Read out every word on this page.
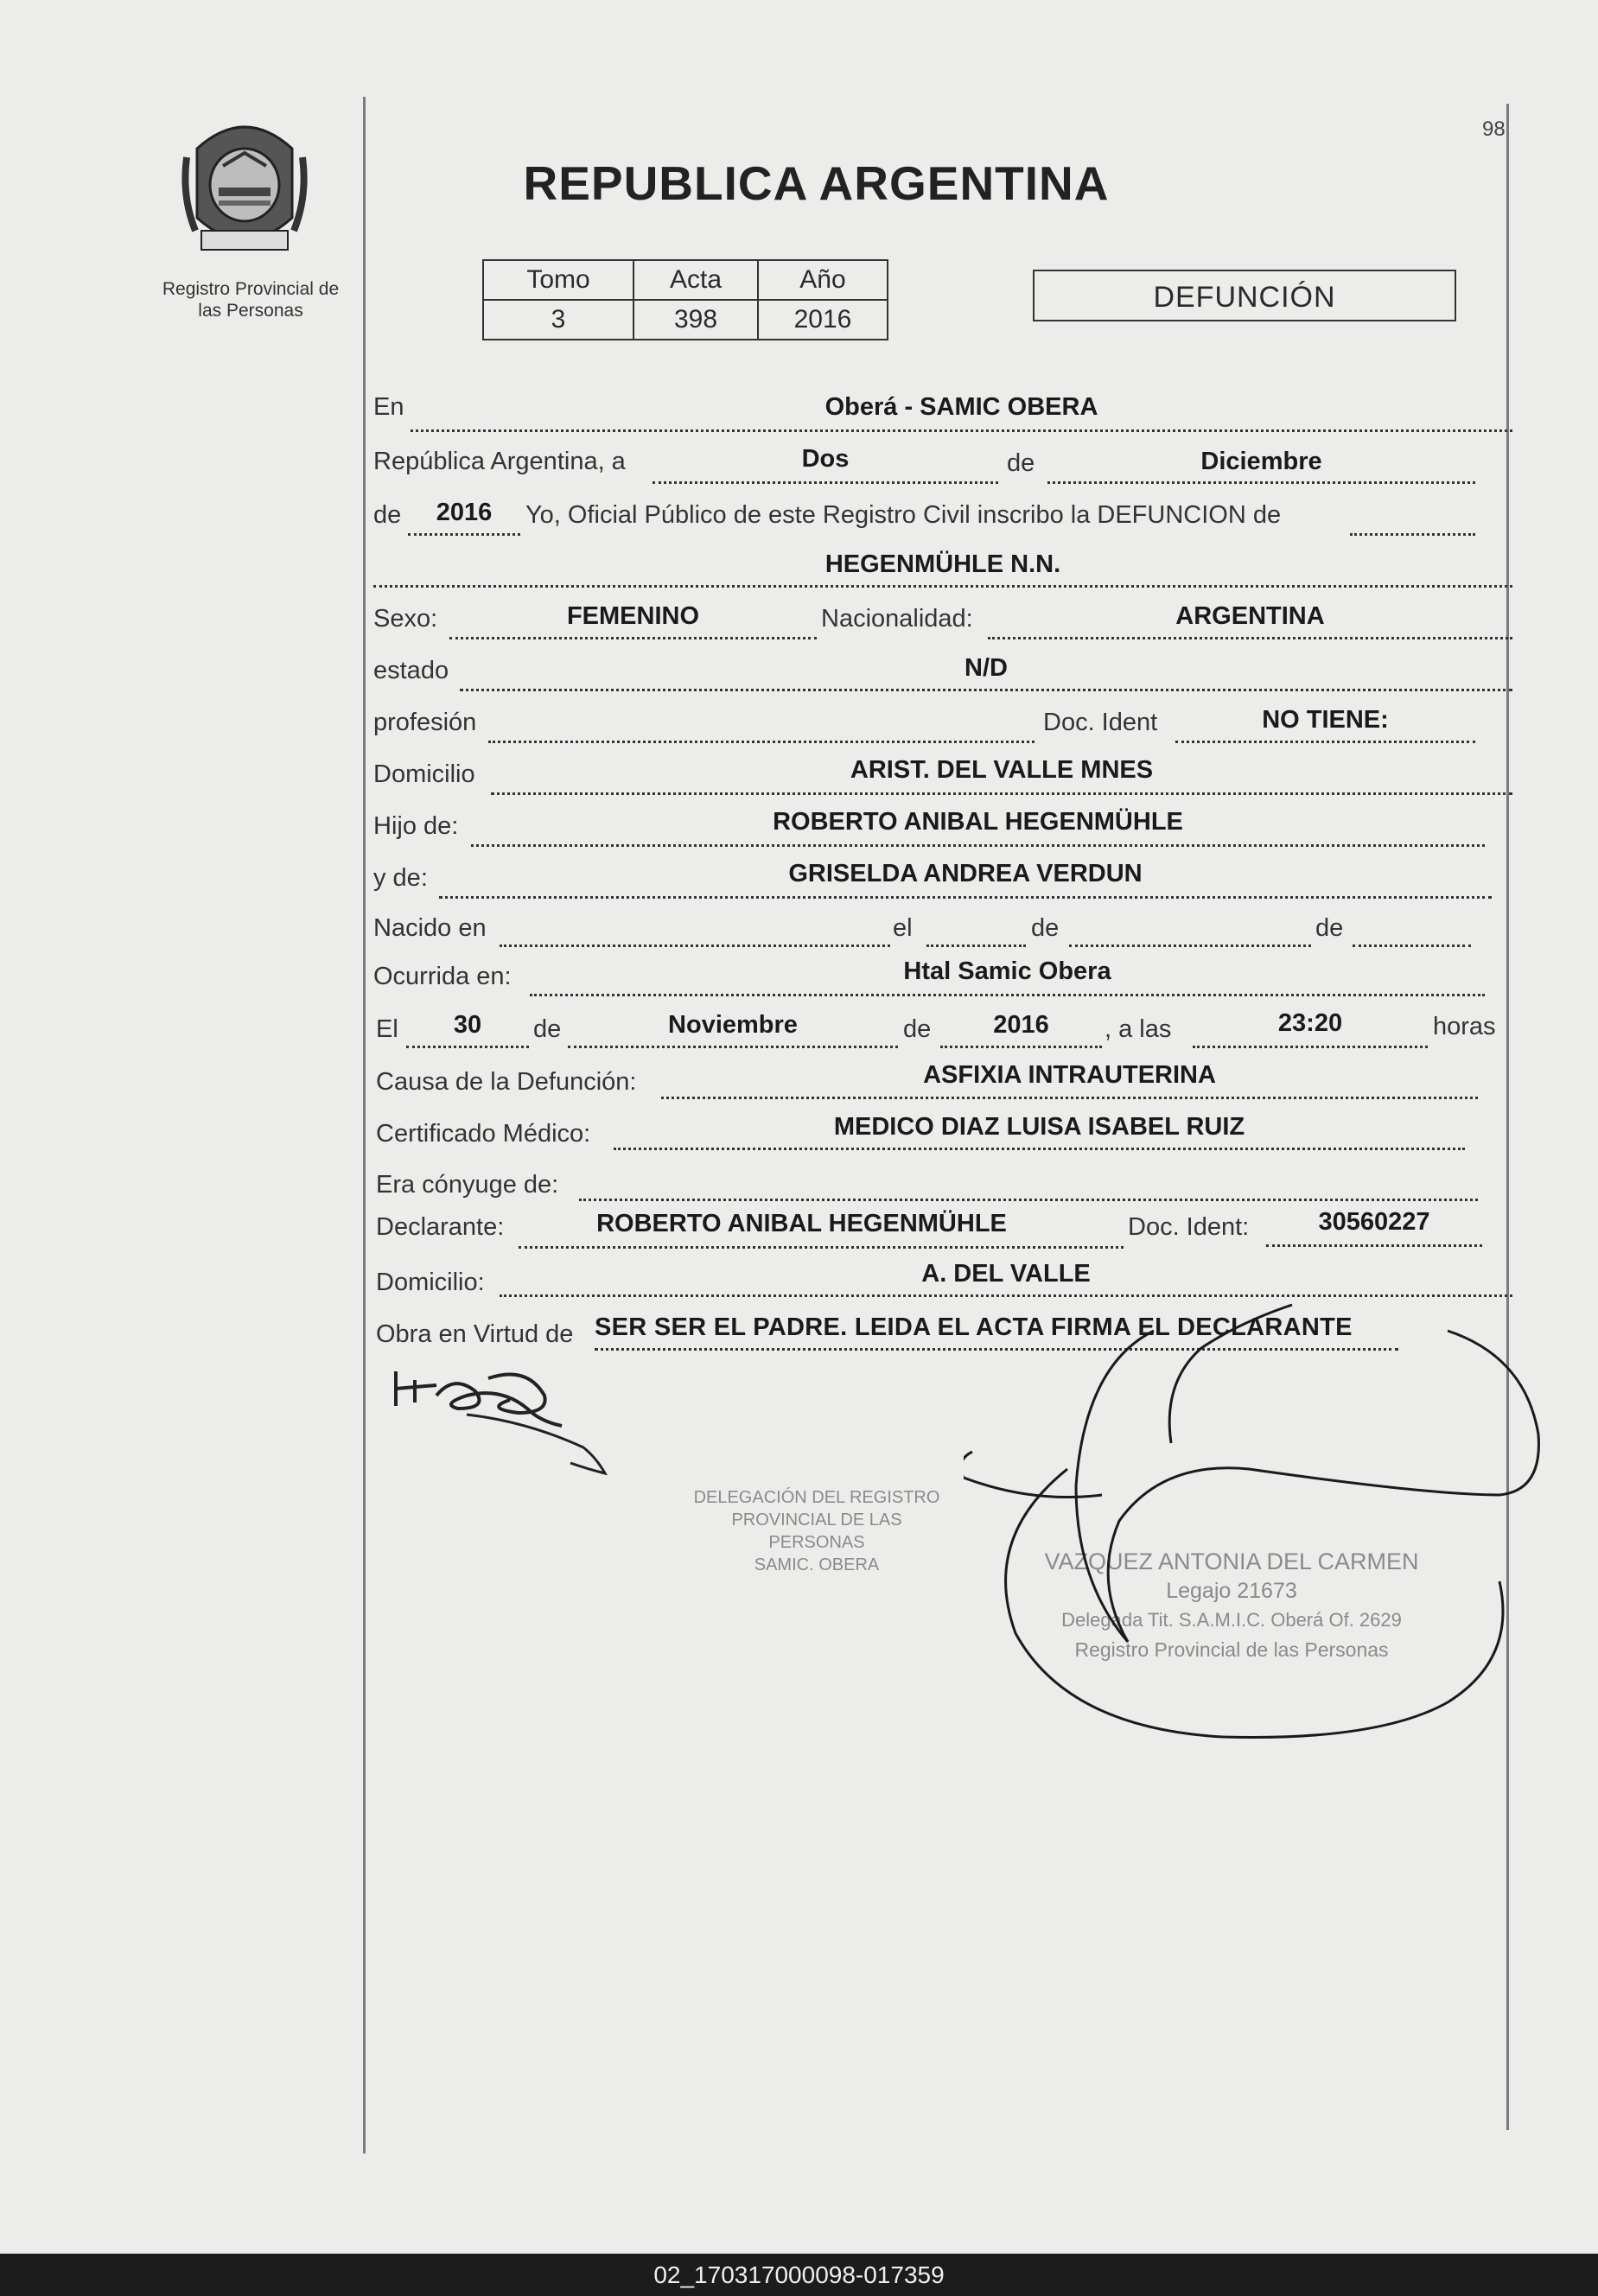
98
Registro Provincial de
las Personas
REPUBLICA ARGENTINA
Tomo	Acta	Año
3	398	2016
DEFUNCIÓN
En	Oberá - SAMIC OBERA
República Argentina, a	Dos	de	Diciembre
de	2016	Yo, Oficial Público de este Registro Civil inscribo la DEFUNCION de
HEGENMÜHLE N.N.
Sexo:	FEMENINO	Nacionalidad:	ARGENTINA
estado	N/D
profesión	Doc. Ident	NO TIENE:
Domicilio	ARIST. DEL VALLE MNES
Hijo de:	ROBERTO ANIBAL HEGENMÜHLE
y de:	GRISELDA ANDREA VERDUN
Nacido en	el	de	de
Ocurrida en:	Htal Samic Obera
El	30	de	Noviembre	de	2016	, a las	23:20	horas
Causa de la Defunción:	ASFIXIA INTRAUTERINA
Certificado Médico:	MEDICO DIAZ LUISA ISABEL RUIZ
Era cónyuge de:
Declarante:	ROBERTO ANIBAL HEGENMÜHLE	Doc. Ident:	30560227
Domicilio:	A. DEL VALLE
Obra en Virtud de SER SER EL PADRE. LEIDA EL ACTA FIRMA EL DECLARANTE
DELEGACIÓN DEL REGISTRO PROVINCIAL DE LAS PERSONAS
SAMIC. OBERA	VAZQUEZ ANTONIA DEL CARMEN
Legajo 21673
Delegada Tit. S.A.M.I.C. Oberá Of. 2629
Registro Provincial de las Personas
02_170317000098-017359
